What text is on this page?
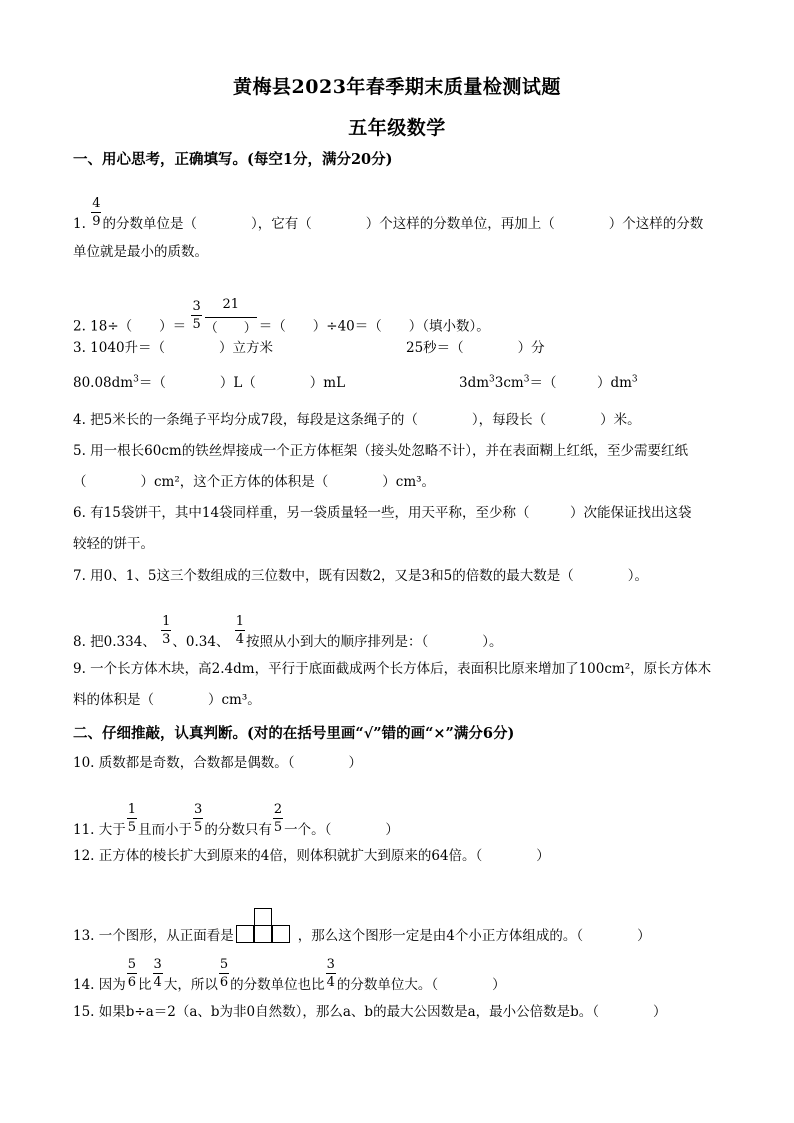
黄梅县2023年春季期末质量检测试题
五年级数学
一、用心思考，正确填写。(每空1分，满分20分)
1. $\frac{4}{9}$ 的分数单位是（　　　　），它有（　　　　）个这样的分数单位，再加上（　　　　）个这样的分数
单位就是最小的质数。
2. 18÷（　　）＝ $\frac{3}{5} \frac{21}{( )}$ ＝（　　）÷40＝（　　）（填小数）。
3. 1040升＝（　　　　）立方米	25秒＝（　　　　）分
$80.08dm^3=$（　　　　）L（　　　　）mL	$3dm^33cm^3=$（　　　）$dm^3$
4. 把5米长的一条绳子平均分成7段，每段是这条绳子的（　　　　），每段长（　　　　）米。
5. 用一根长60cm的铁丝焊接成一个正方体框架（接头处忽略不计），并在表面糊上红纸，至少需要红纸
（　　　　）cm²，这个正方体的体积是（　　　　）cm³。
6. 有15袋饼干，其中14袋同样重，另一袋质量轻一些，用天平称，至少称（　　　）次能保证找出这袋
较轻的饼干。
7. 用0、1、5这三个数组成的三位数中，既有因数2，又是3和5的倍数的最大数是（　　　　）。
8. 把0.334、 $\frac{1}{3}$ 、0.34、 $\frac{1}{4}$ 按照从小到大的顺序排列是：（　　　　）。
9. 一个长方体木块，高2.4dm，平行于底面截成两个长方体后，表面积比原来增加了100cm²，原长方体木
料的体积是（　　　　）cm³。
二、仔细推敲，认真判断。(对的在括号里画“√”错的画“×”满分6分)
10. 质数都是奇数，合数都是偶数。（　　　　）
11. 大于 $\frac{1}{5}$ 且而小于 $\frac{3}{5}$ 的分数只有 $\frac{2}{5}$ 一个。（　　　　）
12. 正方体的棱长扩大到原来的4倍，则体积就扩大到原来的64倍。（　　　　）
13. 一个图形，从正面看是	，那么这个图形一定是由4个小正方体组成的。（　　　　）
14. 因为 $\frac{5}{6}$ 比 $\frac{3}{4}$ 大，所以 $\frac{5}{6}$ 的分数单位也比 $\frac{3}{4}$ 的分数单位大。（　　　　）
15. 如果b÷a＝2（a、b为非0自然数），那么a、b的最大公因数是a，最小公倍数是b。（　　　　）
